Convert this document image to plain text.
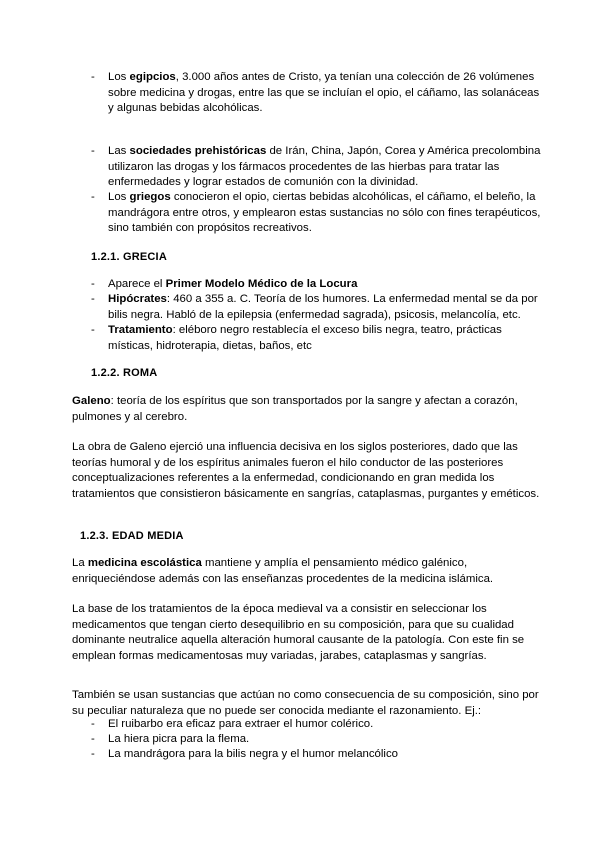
- Los egipcios, 3.000 años antes de Cristo, ya tenían una colección de 26 volúmenes sobre medicina y drogas, entre las que se incluían el opio, el cáñamo, las solanáceas y algunas bebidas alcohólicas.
- Las sociedades prehistóricas de Irán, China, Japón, Corea y América precolombina utilizaron las drogas y los fármacos procedentes de las hierbas para tratar las enfermedades y lograr estados de comunión con la divinidad.
- Los griegos conocieron el opio, ciertas bebidas alcohólicas, el cáñamo, el beleño, la mandrágora entre otros, y emplearon estas sustancias no sólo con fines terapéuticos, sino también con propósitos recreativos.
1.2.1. GRECIA
- Aparece el Primer Modelo Médico de la Locura
- Hipócrates: 460 a 355 a. C. Teoría de los humores. La enfermedad mental se da por bilis negra. Habló de la epilepsia (enfermedad sagrada), psicosis, melancolía, etc.
- Tratamiento: eléboro negro restablecía el exceso bilis negra, teatro, prácticas místicas, hidroterapia, dietas, baños, etc
1.2.2. ROMA
Galeno: teoría de los espíritus que son transportados por la sangre y afectan a corazón, pulmones y al cerebro.
La obra de Galeno ejerció una influencia decisiva en los siglos posteriores, dado que las teorías humoral y de los espíritus animales fueron el hilo conductor de las posteriores conceptualizaciones referentes a la enfermedad, condicionando en gran medida los tratamientos que consistieron básicamente en sangrías, cataplasmas, purgantes y eméticos.
1.2.3. EDAD MEDIA
La medicina escolástica mantiene y amplía el pensamiento médico galénico, enriqueciéndose además con las enseñanzas procedentes de la medicina islámica.
La base de los tratamientos de la época medieval va a consistir en seleccionar los medicamentos que tengan cierto desequilibrio en su composición, para que su cualidad dominante neutralice aquella alteración humoral causante de la patología. Con este fin se emplean formas medicamentosas muy variadas, jarabes, cataplasmas y sangrías.
También se usan sustancias que actúan no como consecuencia de su composición, sino por su peculiar naturaleza que no puede ser conocida mediante el razonamiento. Ej.:
- El ruibarbo era eficaz para extraer el humor colérico.
- La hiera picra para la flema.
- La mandrágora para la bilis negra y el humor melancólico
